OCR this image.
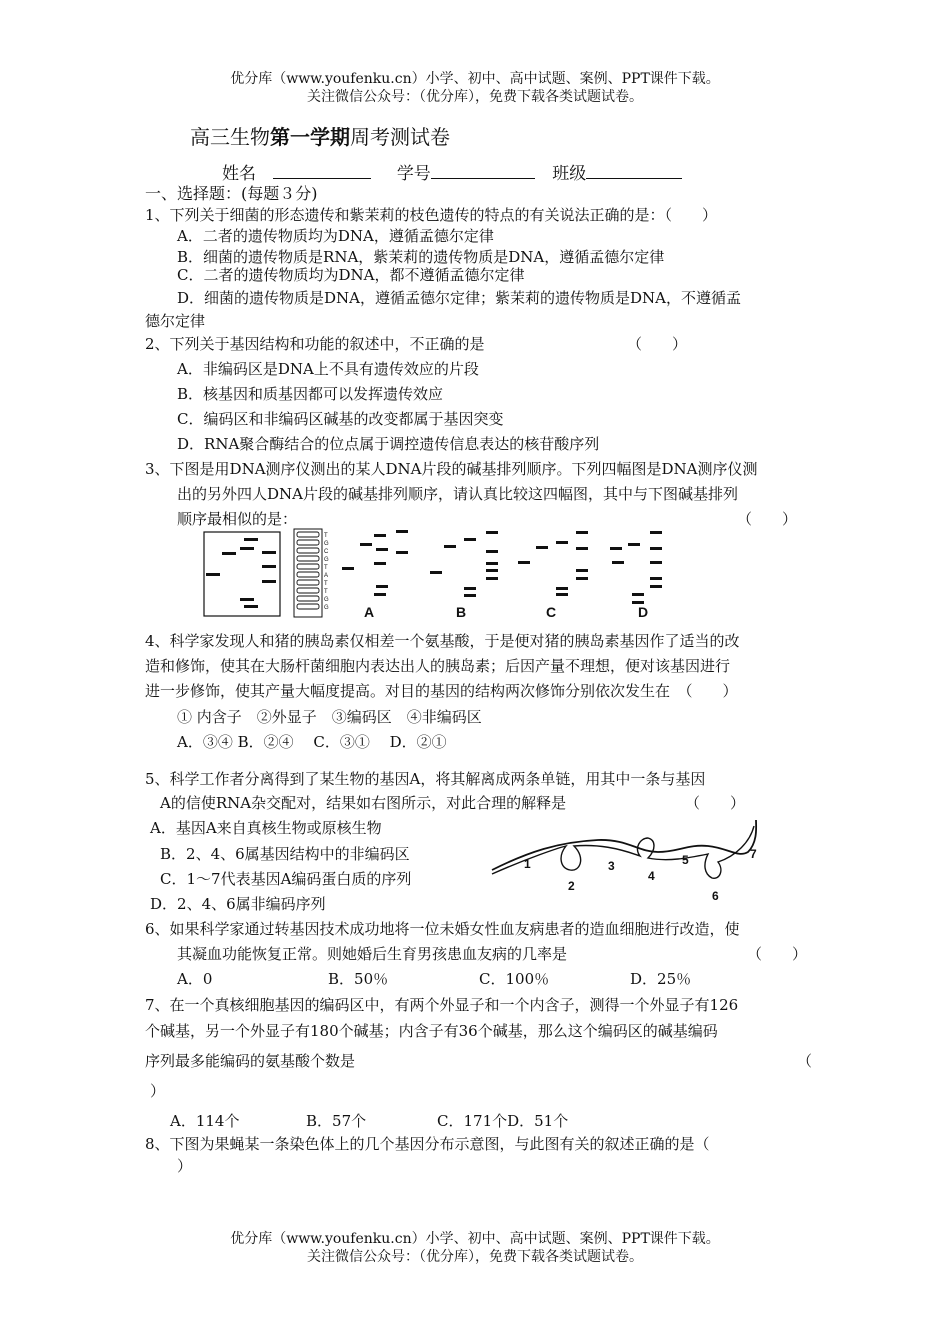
优分库（www.youfenku.cn）小学、初中、高中试题、案例、PPT课件下载。
关注微信公众号：（优分库），免费下载各类试题试卷。
高三生物第一学期周考测试卷
姓名	学号	班级
一、选择题：(每题３分)
1、下列关于细菌的形态遗传和紫茉莉的枝色遗传的特点的有关说法正确的是：（　　）
A．二者的遗传物质均为DNA，遵循孟德尔定律
B．细菌的遗传物质是RNA，紫茉莉的遗传物质是DNA，遵循孟德尔定律
C．二者的遗传物质均为DNA，都不遵循孟德尔定律
D．细菌的遗传物质是DNA，遵循孟德尔定律；紫茉莉的遗传物质是DNA，不遵循孟
德尔定律
2、下列关于基因结构和功能的叙述中，不正确的是	（　　）
A．非编码区是DNA上不具有遗传效应的片段
B．核基因和质基因都可以发挥遗传效应
C．编码区和非编码区碱基的改变都属于基因突变
D．RNA聚合酶结合的位点属于调控遗传信息表达的核苷酸序列
3、下图是用DNA测序仪测出的某人DNA片段的碱基排列顺序。下列四幅图是DNA测序仪测
出的另外四人DNA片段的碱基排列顺序，请认真比较这四幅图，其中与下图碱基排列
顺序最相似的是：	（　　）
T
G
C
G
T
A
T
T
G
G	A	B	C	D
4、科学家发现人和猪的胰岛素仅相差一个氨基酸，于是便对猪的胰岛素基因作了适当的改
造和修饰，使其在大肠杆菌细胞内表达出人的胰岛素；后因产量不理想，便对该基因进行
进一步修饰，使其产量大幅度提高。对目的基因的结构两次修饰分别依次发生在　（　　）
① 内含子　②外显子　③编码区　④非编码区
A．③④ B．②④　 C．③①　 D．②①
5、科学工作者分离得到了某生物的基因A，将其解离成两条单链，用其中一条与基因
A的信使RNA杂交配对，结果如右图所示，对此合理的解释是	（　　）
A．基因A来自真核生物或原核生物
B．2、4、6属基因结构中的非编码区
C．1～7代表基因A编码蛋白质的序列
D．2、4、6属非编码序列
1
2
3
4
5
6
7
6、如果科学家通过转基因技术成功地将一位未婚女性血友病患者的造血细胞进行改造，使
其凝血功能恢复正常。则她婚后生育男孩患血友病的几率是	（　　）
A．0	B．50％	C．100％	D．25％
7、在一个真核细胞基因的编码区中，有两个外显子和一个内含子，测得一个外显子有126
个碱基，另一个外显子有180个碱基；内含子有36个碱基，那么这个编码区的碱基编码
序列最多能编码的氨基酸个数是	（
）
A．114个	B．57个	C．171个D．51个
8、下图为果蝇某一条染色体上的几个基因分布示意图，与此图有关的叙述正确的是（
）
优分库（www.youfenku.cn）小学、初中、高中试题、案例、PPT课件下载。
关注微信公众号：（优分库），免费下载各类试题试卷。
